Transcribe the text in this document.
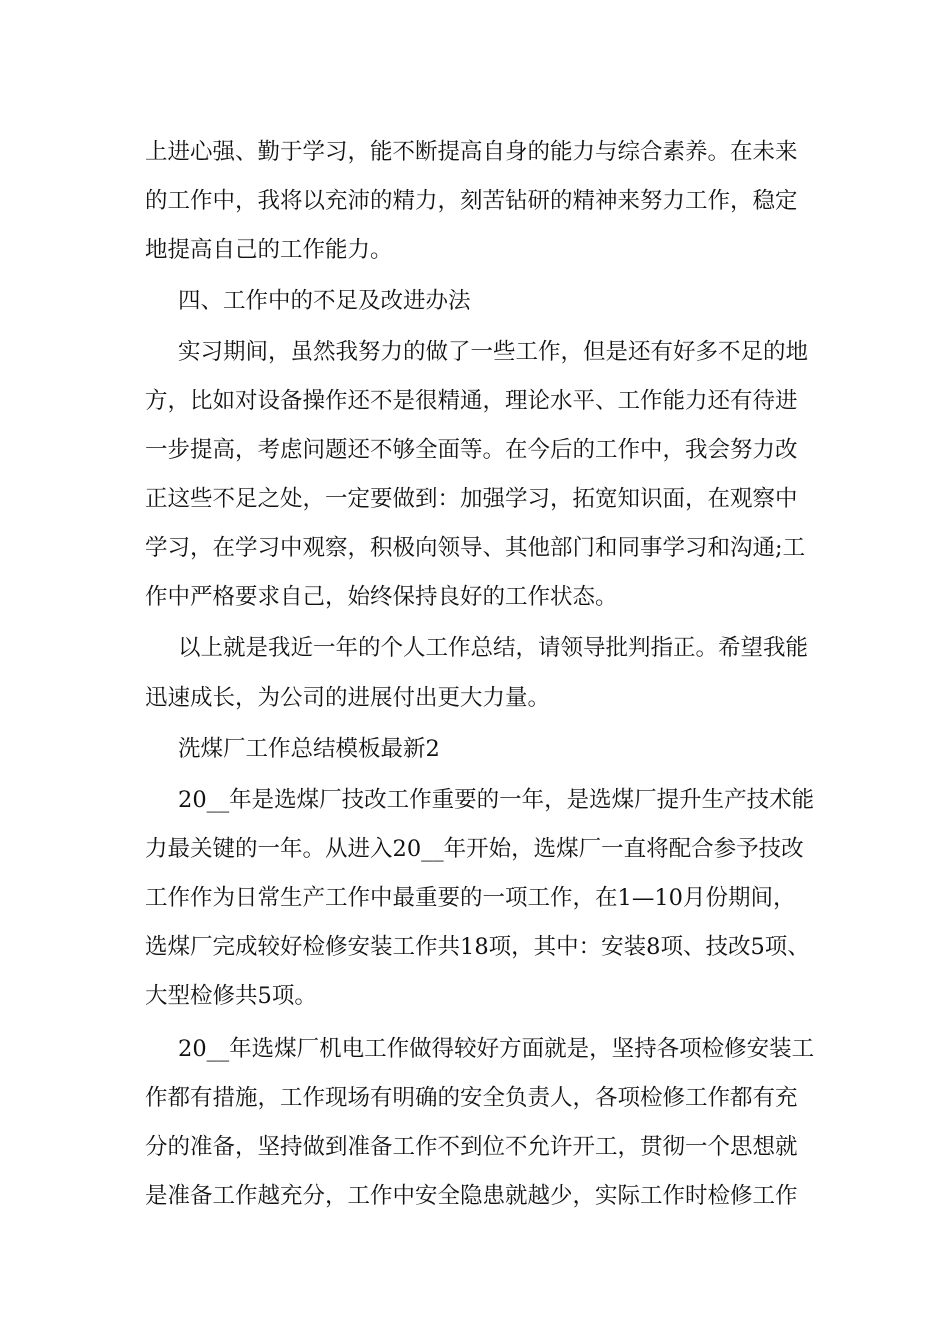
上进心强、勤于学习，能不断提高自身的能力与综合素养。在未来

的工作中，我将以充沛的精力，刻苦钻研的精神来努力工作，稳定

地提高自己的工作能力。

四、工作中的不足及改进办法

实习期间，虽然我努力的做了一些工作，但是还有好多不足的地

方，比如对设备操作还不是很精通，理论水平、工作能力还有待进

一步提高，考虑问题还不够全面等。在今后的工作中，我会努力改

正这些不足之处，一定要做到：加强学习，拓宽知识面，在观察中

学习，在学习中观察，积极向领导、其他部门和同事学习和沟通;工

作中严格要求自己，始终保持良好的工作状态。

以上就是我近一年的个人工作总结，请领导批判指正。希望我能

迅速成长，为公司的进展付出更大力量。

洗煤厂工作总结模板最新2

20__年是选煤厂技改工作重要的一年，是选煤厂提升生产技术能

力最关键的一年。从进入20__年开始，选煤厂一直将配合参予技改

工作作为日常生产工作中最重要的一项工作，在1—10月份期间，

选煤厂完成较好检修安装工作共18项，其中：安装8项、技改5项、

大型检修共5项。

20__年选煤厂机电工作做得较好方面就是，坚持各项检修安装工

作都有措施，工作现场有明确的安全负责人，各项检修工作都有充

分的准备，坚持做到准备工作不到位不允许开工，贯彻一个思想就

是准备工作越充分，工作中安全隐患就越少，实际工作时检修工作
